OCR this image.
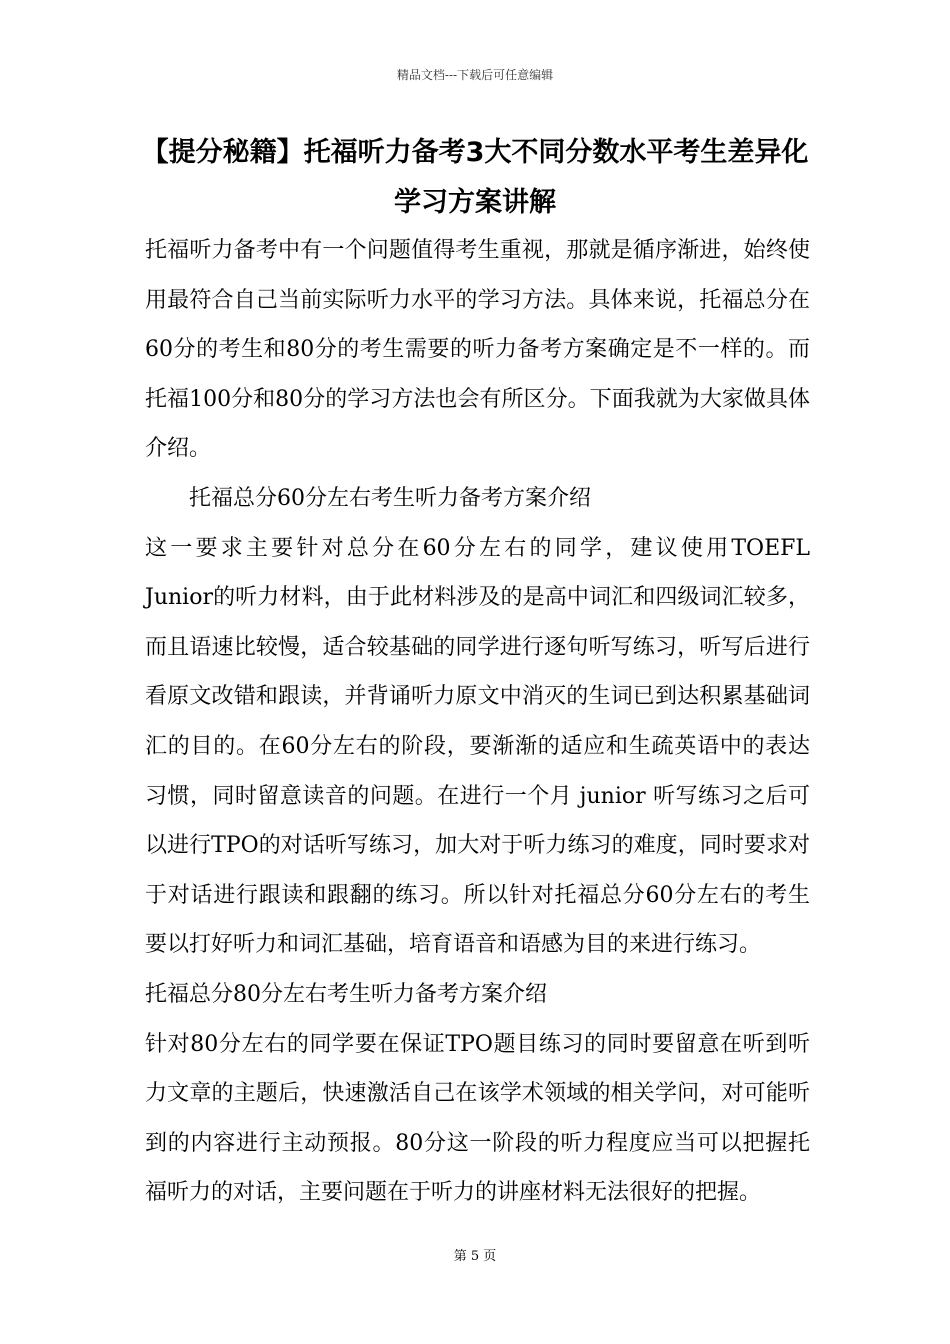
精品文档---下载后可任意编辑
【提分秘籍】托福听力备考3大不同分数水平考生差异化学习方案讲解

托福听力备考中有一个问题值得考生重视，那就是循序渐进，始终使用最符合自己当前实际听力水平的学习方法。具体来说，托福总分在60分的考生和80分的考生需要的听力备考方案确定是不一样的。而托福100分和80分的学习方法也会有所区分。下面我就为大家做具体介绍。

托福总分60分左右考生听力备考方案介绍

这一要求主要针对总分在60分左右的同学，建议使用TOEFL Junior的听力材料，由于此材料涉及的是高中词汇和四级词汇较多，而且语速比较慢，适合较基础的同学进行逐句听写练习，听写后进行看原文改错和跟读，并背诵听力原文中消灭的生词已到达积累基础词汇的目的。在60分左右的阶段，要渐渐的适应和生疏英语中的表达习惯，同时留意读音的问题。在进行一个月 junior 听写练习之后可以进行TPO的对话听写练习，加大对于听力练习的难度，同时要求对于对话进行跟读和跟翻的练习。所以针对托福总分60分左右的考生要以打好听力和词汇基础，培育语音和语感为目的来进行练习。

托福总分80分左右考生听力备考方案介绍

针对80分左右的同学要在保证TPO题目练习的同时要留意在听到听力文章的主题后，快速激活自己在该学术领域的相关学问，对可能听到的内容进行主动预报。80分这一阶段的听力程度应当可以把握托福听力的对话，主要问题在于听力的讲座材料无法很好的把握。

第 5 页
